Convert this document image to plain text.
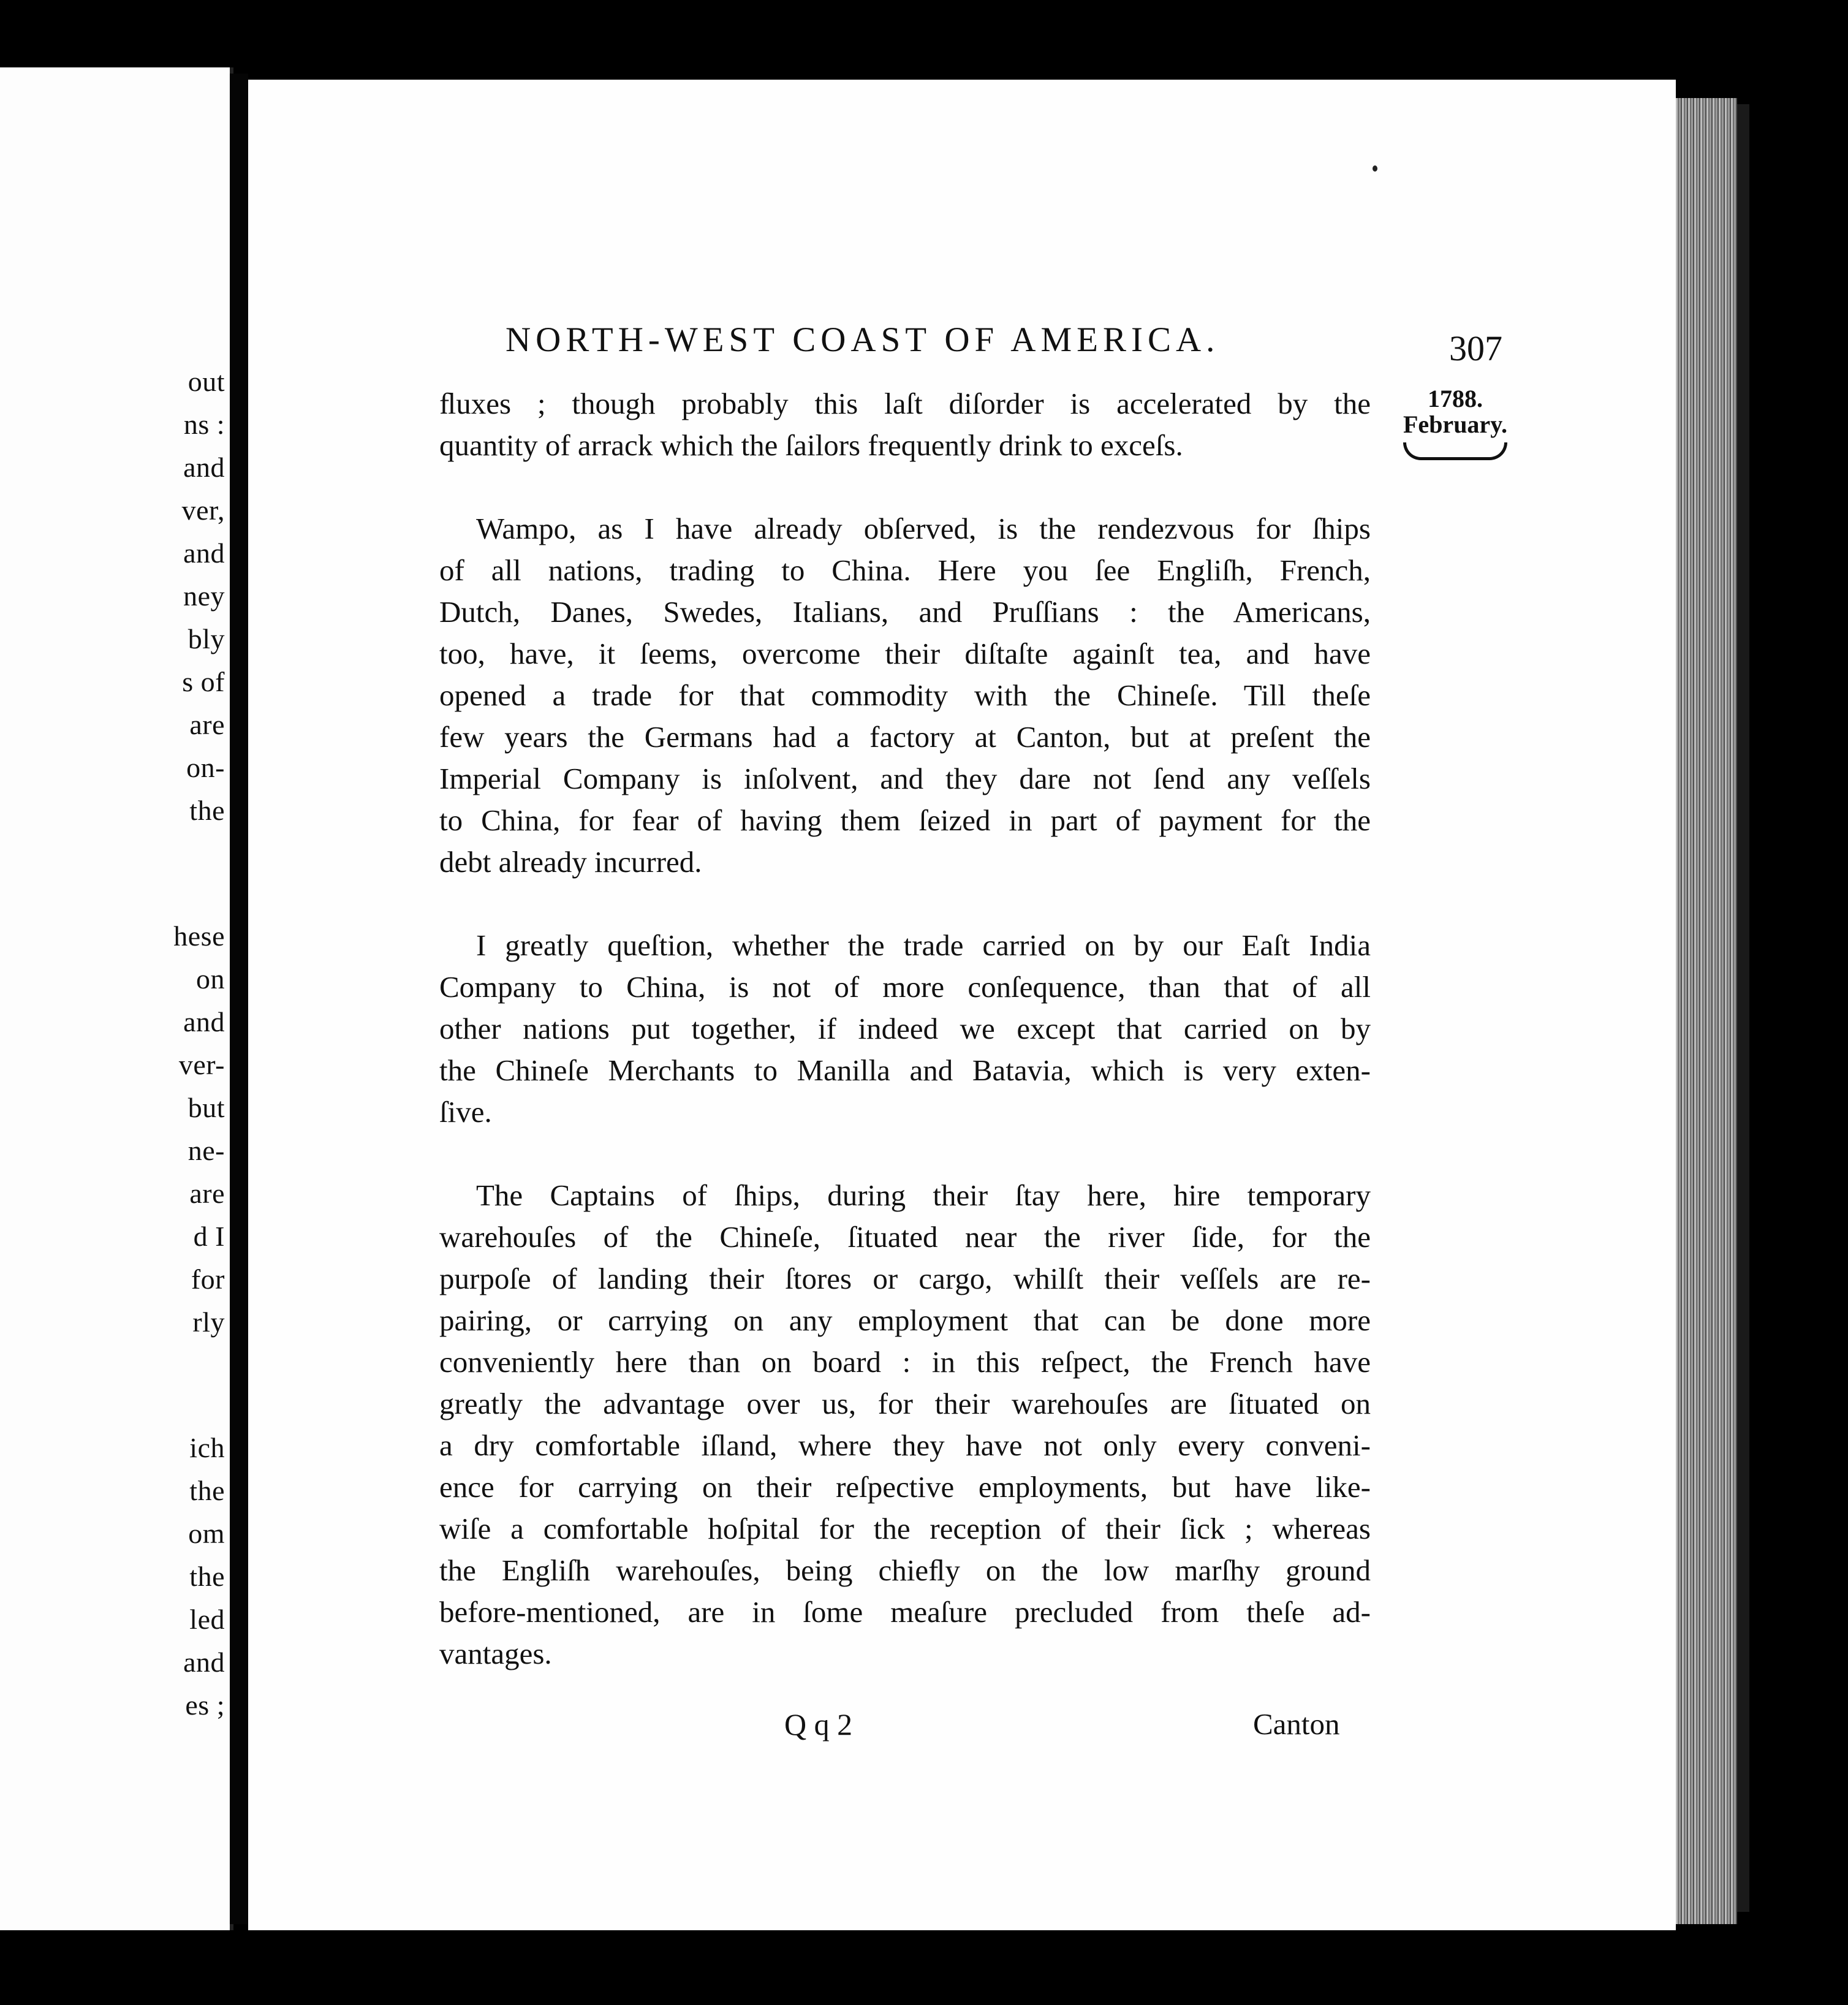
out
ns :
and
ver,
and
ney
bly
s of
are
on-
the
hese
on
and
ver-
but
ne-
are
d I
for
rly
ich
the
om
the
led
and
es ;
NORTH-WEST COAST OF AMERICA.	307
1788.
February.
ﬂuxes ; though probably this laſt diſorder is accelerated by the
quantity of arrack which the ſailors frequently drink to exceſs.
Wampo, as I have already obſerved, is the rendezvous for ſhips
of all nations, trading to China. Here you ſee Engliſh, French,
Dutch, Danes, Swedes, Italians, and Pruſſians : the Americans,
too, have, it ſeems, overcome their diſtaſte againſt tea, and have
opened a trade for that commodity with the Chineſe. Till theſe
few years the Germans had a factory at Canton, but at preſent the
Imperial Company is inſolvent, and they dare not ſend any veſſels
to China, for fear of having them ſeized in part of payment for the
debt already incurred.
I greatly queſtion, whether the trade carried on by our Eaſt India
Company to China, is not of more conſequence, than that of all
other nations put together, if indeed we except that carried on by
the Chineſe Merchants to Manilla and Batavia, which is very exten-
ſive.
The Captains of ſhips, during their ſtay here, hire temporary
warehouſes of the Chineſe, ſituated near the river ſide, for the
purpoſe of landing their ſtores or cargo, whilſt their veſſels are re-
pairing, or carrying on any employment that can be done more
conveniently here than on board : in this reſpect, the French have
greatly the advantage over us, for their warehouſes are ſituated on
a dry comfortable iſland, where they have not only every conveni-
ence for carrying on their reſpective employments, but have like-
wiſe a comfortable hoſpital for the reception of their ſick ; whereas
the Engliſh warehouſes, being chieﬂy on the low marſhy ground
before-mentioned, are in ſome meaſure precluded from theſe ad-
vantages.
Q q 2	Canton
